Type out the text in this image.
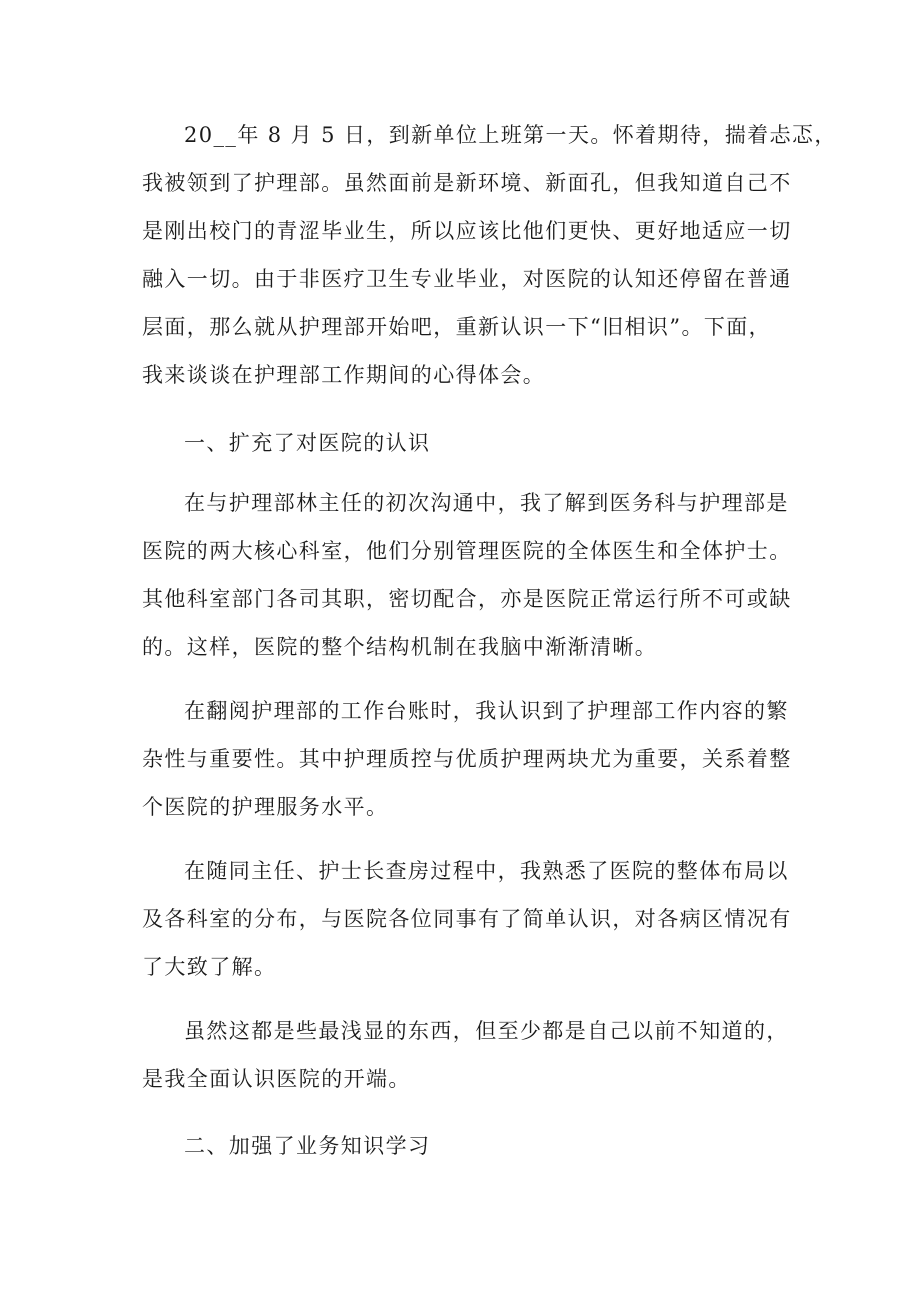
20__年 8 月 5 日，到新单位上班第一天。怀着期待，揣着忐忑，
我被领到了护理部。虽然面前是新环境、新面孔，但我知道自己不
是刚出校门的青涩毕业生，所以应该比他们更快、更好地适应一切
融入一切。由于非医疗卫生专业毕业，对医院的认知还停留在普通
层面，那么就从护理部开始吧，重新认识一下“旧相识”。下面，
我来谈谈在护理部工作期间的心得体会。
一、扩充了对医院的认识
在与护理部林主任的初次沟通中，我了解到医务科与护理部是
医院的两大核心科室，他们分别管理医院的全体医生和全体护士。
其他科室部门各司其职，密切配合，亦是医院正常运行所不可或缺
的。这样，医院的整个结构机制在我脑中渐渐清晰。
在翻阅护理部的工作台账时，我认识到了护理部工作内容的繁
杂性与重要性。其中护理质控与优质护理两块尤为重要，关系着整
个医院的护理服务水平。
在随同主任、护士长查房过程中，我熟悉了医院的整体布局以
及各科室的分布，与医院各位同事有了简单认识，对各病区情况有
了大致了解。
虽然这都是些最浅显的东西，但至少都是自己以前不知道的，
是我全面认识医院的开端。
二、加强了业务知识学习
